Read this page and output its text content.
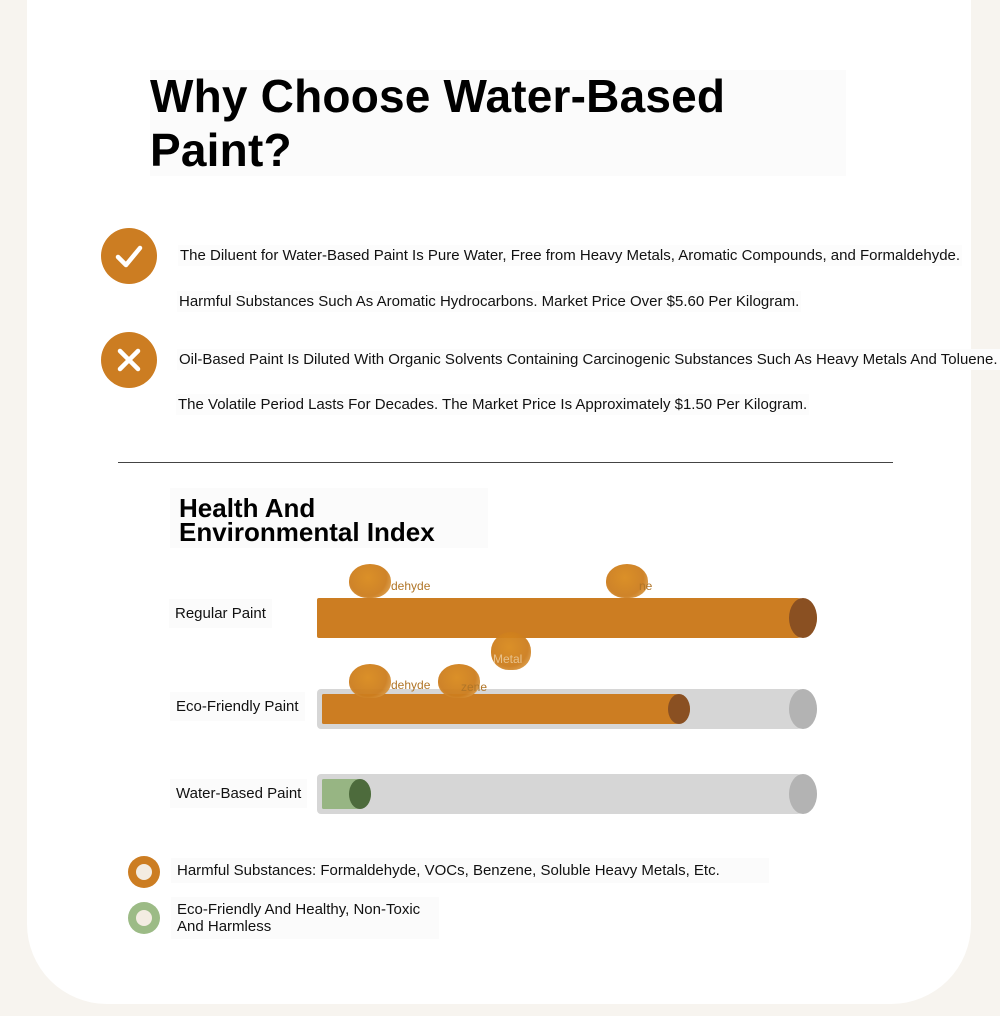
Why Choose Water-Based Paint?
The Diluent for Water-Based Paint Is Pure Water, Free from Heavy Metals, Aromatic Compounds, and Formaldehyde.
Harmful Substances Such As Aromatic Hydrocarbons. Market Price Over $5.60 Per Kilogram.
Oil-Based Paint Is Diluted With Organic Solvents Containing Carcinogenic Substances Such As Heavy Metals And Toluene.
The Volatile Period Lasts For Decades. The Market Price Is Approximately $1.50 Per Kilogram.
Health And Environmental Index
Regular Paint
dehyde	ne
Metal
Eco-Friendly Paint
dehyde	zene
Water-Based Paint
Harmful Substances: Formaldehyde, VOCs, Benzene, Soluble Heavy Metals, Etc.
Eco-Friendly And Healthy, Non-Toxic And Harmless
